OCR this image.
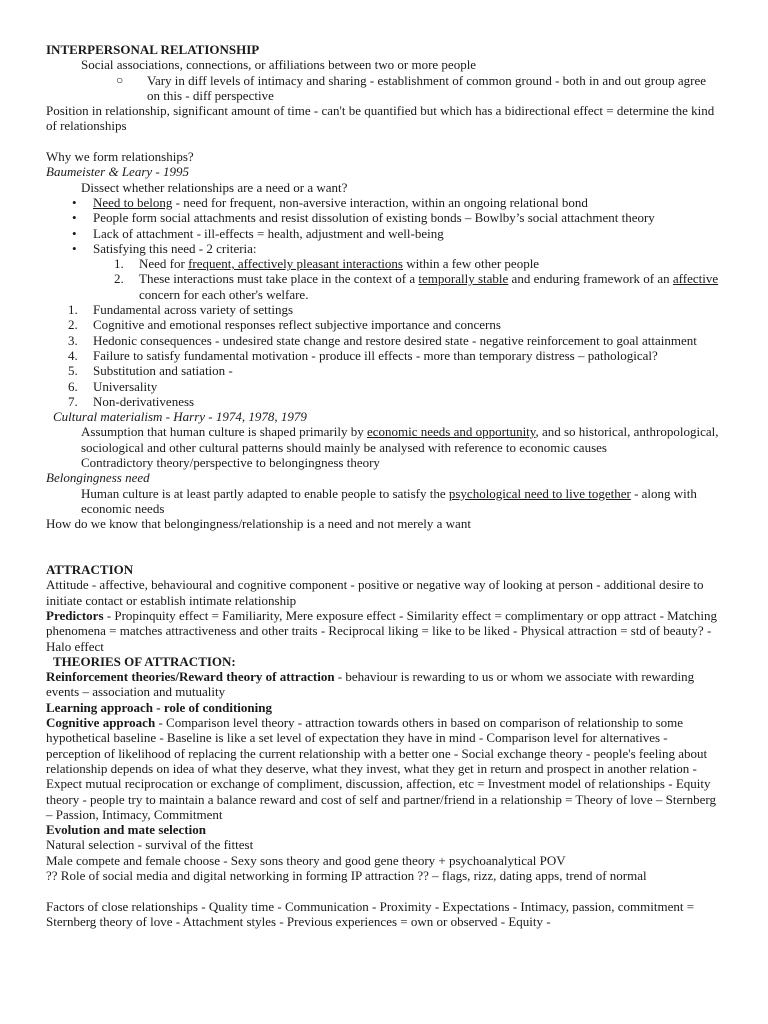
INTERPERSONAL RELATIONSHIP

Social associations, connections, or affiliations between two or more people

○ Vary in diff levels of intimacy and sharing - establishment of common ground - both in and out group agree on this - diff perspective

Position in relationship, significant amount of time - can't be quantified but which has a bidirectional effect = determine the kind of relationships

Why we form relationships?

Baumeister & Leary - 1995

Dissect whether relationships are a need or a want?

• Need to belong - need for frequent, non-aversive interaction, within an ongoing relational bond
• People form social attachments and resist dissolution of existing bonds – Bowlby’s social attachment theory
• Lack of attachment - ill-effects = health, adjustment and well-being
• Satisfying this need - 2 criteria:
1. Need for frequent, affectively pleasant interactions within a few other people
2. These interactions must take place in the context of a temporally stable and enduring framework of an affective concern for each other's welfare.
1. Fundamental across variety of settings
2. Cognitive and emotional responses reflect subjective importance and concerns
3. Hedonic consequences - undesired state change and restore desired state - negative reinforcement to goal attainment
4. Failure to satisfy fundamental motivation - produce ill effects - more than temporary distress – pathological?
5. Substitution and satiation -
6. Universality
7. Non-derivativeness

Cultural materialism - Harry - 1974, 1978, 1979

Assumption that human culture is shaped primarily by economic needs and opportunity, and so historical, anthropological, sociological and other cultural patterns should mainly be analysed with reference to economic causes

Contradictory theory/perspective to belongingness theory

Belongingness need

Human culture is at least partly adapted to enable people to satisfy the psychological need to live together - along with economic needs

How do we know that belongingness/relationship is a need and not merely a want

ATTRACTION

Attitude - affective, behavioural and cognitive component - positive or negative way of looking at person - additional desire to initiate contact or establish intimate relationship

Predictors - Propinquity effect = Familiarity, Mere exposure effect - Similarity effect = complimentary or opp attract - Matching phenomena = matches attractiveness and other traits - Reciprocal liking = like to be liked - Physical attraction = std of beauty? - Halo effect

THEORIES OF ATTRACTION:

Reinforcement theories/Reward theory of attraction - behaviour is rewarding to us or whom we associate with rewarding events – association and mutuality

Learning approach - role of conditioning

Cognitive approach - Comparison level theory - attraction towards others in based on comparison of relationship to some hypothetical baseline - Baseline is like a set level of expectation they have in mind - Comparison level for alternatives - perception of likelihood of replacing the current relationship with a better one - Social exchange theory - people's feeling about relationship depends on idea of what they deserve, what they invest, what they get in return and prospect in another relation - Expect mutual reciprocation or exchange of compliment, discussion, affection, etc = Investment model of relationships - Equity theory - people try to maintain a balance reward and cost of self and partner/friend in a relationship = Theory of love – Sternberg – Passion, Intimacy, Commitment

Evolution and mate selection

Natural selection - survival of the fittest

Male compete and female choose - Sexy sons theory and good gene theory + psychoanalytical POV

?? Role of social media and digital networking in forming IP attraction ?? – flags, rizz, dating apps, trend of normal

Factors of close relationships - Quality time - Communication - Proximity - Expectations - Intimacy, passion, commitment = Sternberg theory of love - Attachment styles - Previous experiences = own or observed - Equity -
